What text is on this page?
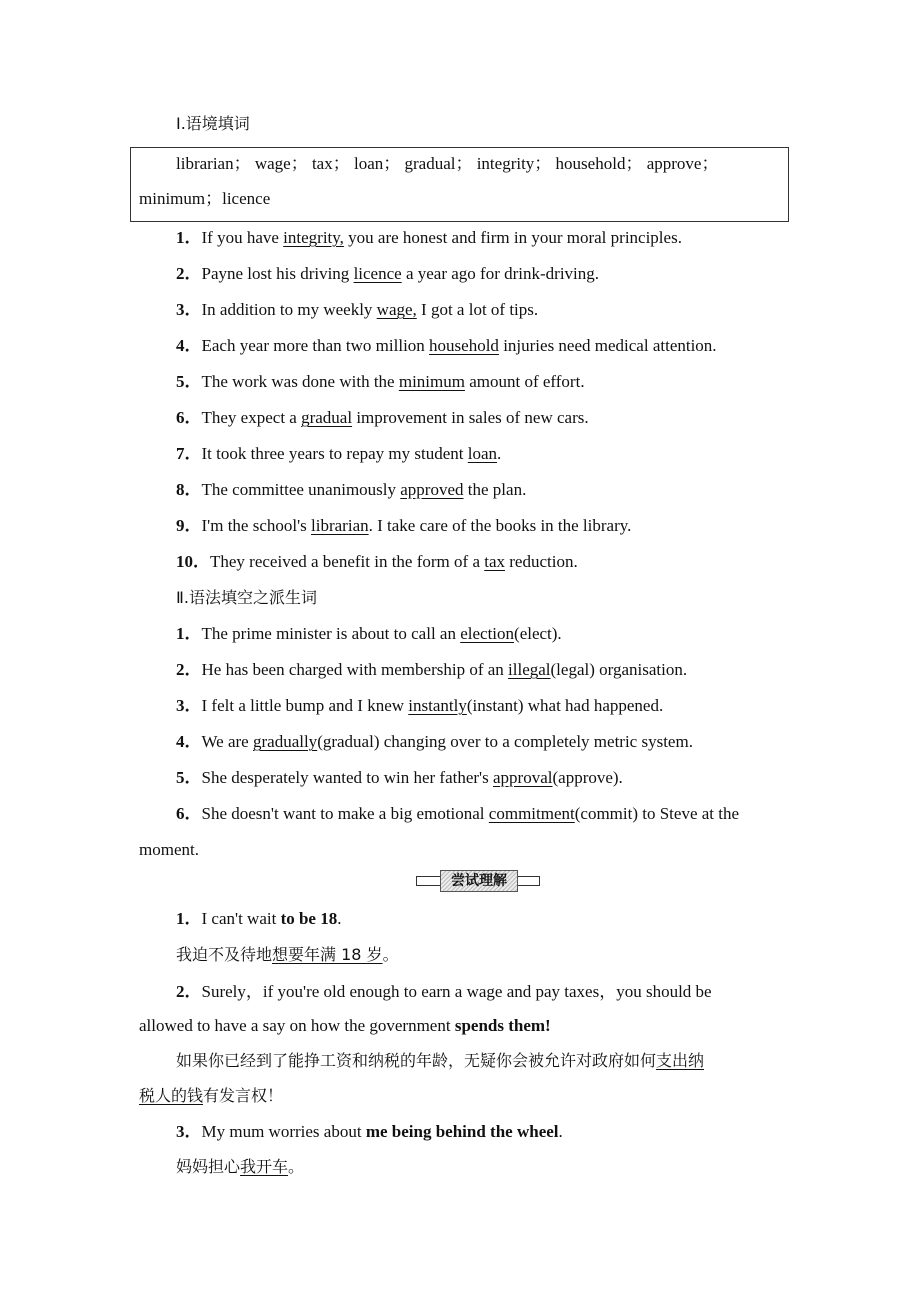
Ⅰ.语境填词
librarian； wage； tax； loan； gradual； integrity； household； approve；
minimum；licence
1．If you have integrity, you are honest and firm in your moral principles.
2．Payne lost his driving licence a year ago for drink-driving.
3．In addition to my weekly wage, I got a lot of tips.
4．Each year more than two million household injuries need medical attention.
5．The work was done with the minimum amount of effort.
6．They expect a gradual improvement in sales of new cars.
7．It took three years to repay my student loan.
8．The committee unanimously approved the plan.
9．I'm the school's librarian. I take care of the books in the library.
10．They received a benefit in the form of a tax reduction.
Ⅱ.语法填空之派生词
1．The prime minister is about to call an election(elect).
2．He has been charged with membership of an illegal(legal) organisation.
3．I felt a little bump and I knew instantly(instant) what had happened.
4．We are gradually(gradual) changing over to a completely metric system.
5．She desperately wanted to win her father's approval(approve).
6．She doesn't want to make a big emotional commitment(commit) to Steve at the
moment.
尝试理解
1．I can't wait to be 18.
我迫不及待地想要年满 18 岁。
2．Surely，if you're old enough to earn a wage and pay taxes，you should be
allowed to have a say on how the government spends them!
如果你已经到了能挣工资和纳税的年龄，无疑你会被允许对政府如何支出纳
税人的钱有发言权！
3．My mum worries about me being behind the wheel.
妈妈担心我开车。
